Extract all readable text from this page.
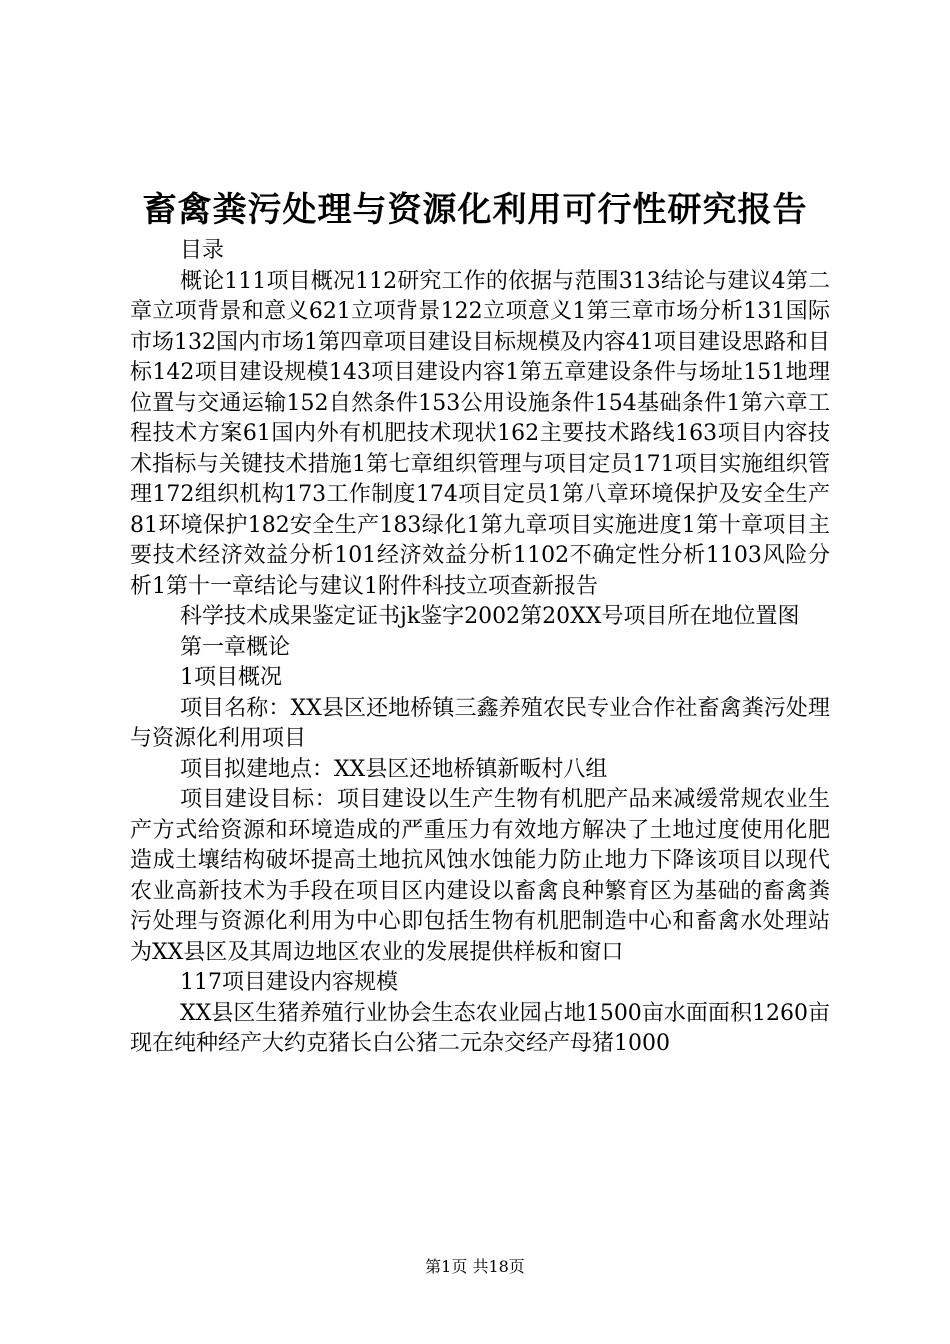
畜禽粪污处理与资源化利用可行性研究报告

目录

概论111项目概况112研究工作的依据与范围313结论与建议4第二章立项背景和意义621立项背景122立项意义1第三章市场分析131国际市场132国内市场1第四章项目建设目标规模及内容41项目建设思路和目标142项目建设规模143项目建设内容1第五章建设条件与场址151地理位置与交通运输152自然条件153公用设施条件154基础条件1第六章工程技术方案61国内外有机肥技术现状162主要技术路线163项目内容技术指标与关键技术措施1第七章组织管理与项目定员171项目实施组织管理172组织机构173工作制度174项目定员1第八章环境保护及安全生产81环境保护182安全生产183绿化1第九章项目实施进度1第十章项目主要技术经济效益分析101经济效益分析1102不确定性分析1103风险分析1第十一章结论与建议1附件科技立项查新报告

科学技术成果鉴定证书jk鉴字2002第20XX号项目所在地位置图

第一章概论

1项目概况

项目名称：XX县区还地桥镇三鑫养殖农民专业合作社畜禽粪污处理与资源化利用项目

项目拟建地点：XX县区还地桥镇新畈村八组

项目建设目标：项目建设以生产生物有机肥产品来减缓常规农业生产方式给资源和环境造成的严重压力有效地方解决了土地过度使用化肥造成土壤结构破坏提高土地抗风蚀水蚀能力防止地力下降该项目以现代农业高新技术为手段在项目区内建设以畜禽良种繁育区为基础的畜禽粪污处理与资源化利用为中心即包括生物有机肥制造中心和畜禽水处理站为XX县区及其周边地区农业的发展提供样板和窗口

117项目建设内容规模

XX县区生猪养殖行业协会生态农业园占地1500亩水面面积1260亩现在纯种经产大约克猪长白公猪二元杂交经产母猪1000

第1页 共18页
